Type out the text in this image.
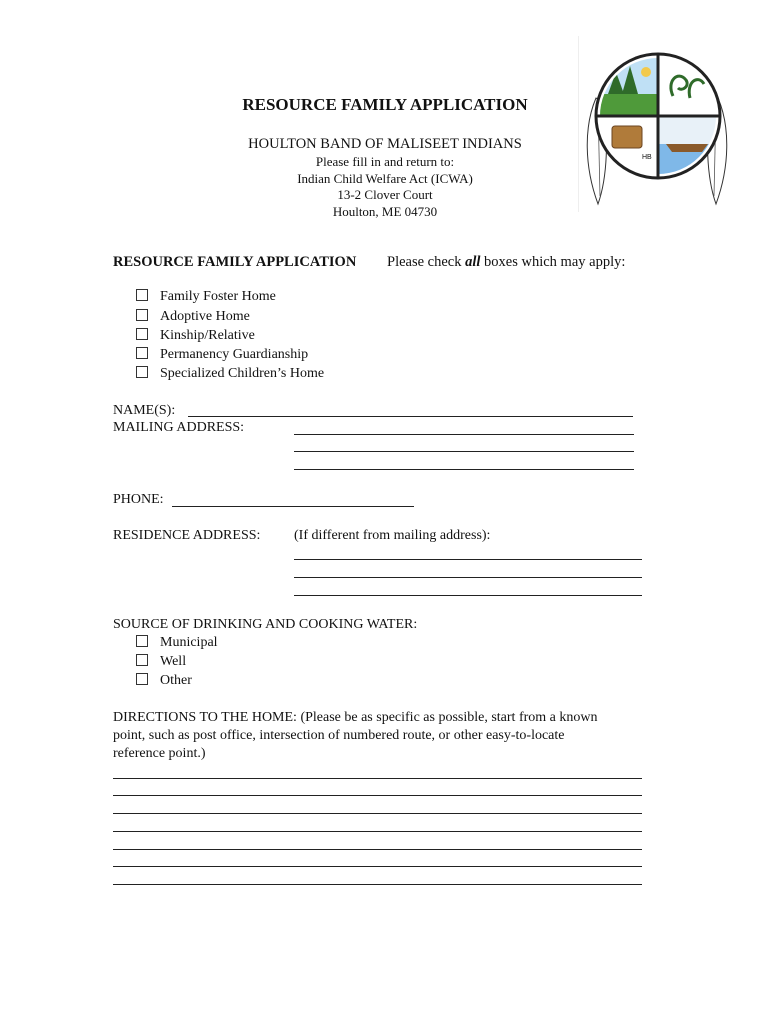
HB
RESOURCE FAMILY APPLICATION
HOULTON BAND OF MALISEET INDIANS
Please fill in and return to:
Indian Child Welfare Act (ICWA)
13-2 Clover Court
Houlton, ME 04730
RESOURCE FAMILY APPLICATION Please check all boxes which may apply:
Family Foster Home
Adoptive Home
Kinship/Relative
Permanency Guardianship
Specialized Children’s Home
NAME(S):
MAILING ADDRESS:
PHONE:
RESIDENCE ADDRESS: (If different from mailing address):
SOURCE OF DRINKING AND COOKING WATER:
Municipal
Well
Other
DIRECTIONS TO THE HOME: (Please be as specific as possible, start from a known
point, such as post office, intersection of numbered route, or other easy-to-locate
reference point.)
